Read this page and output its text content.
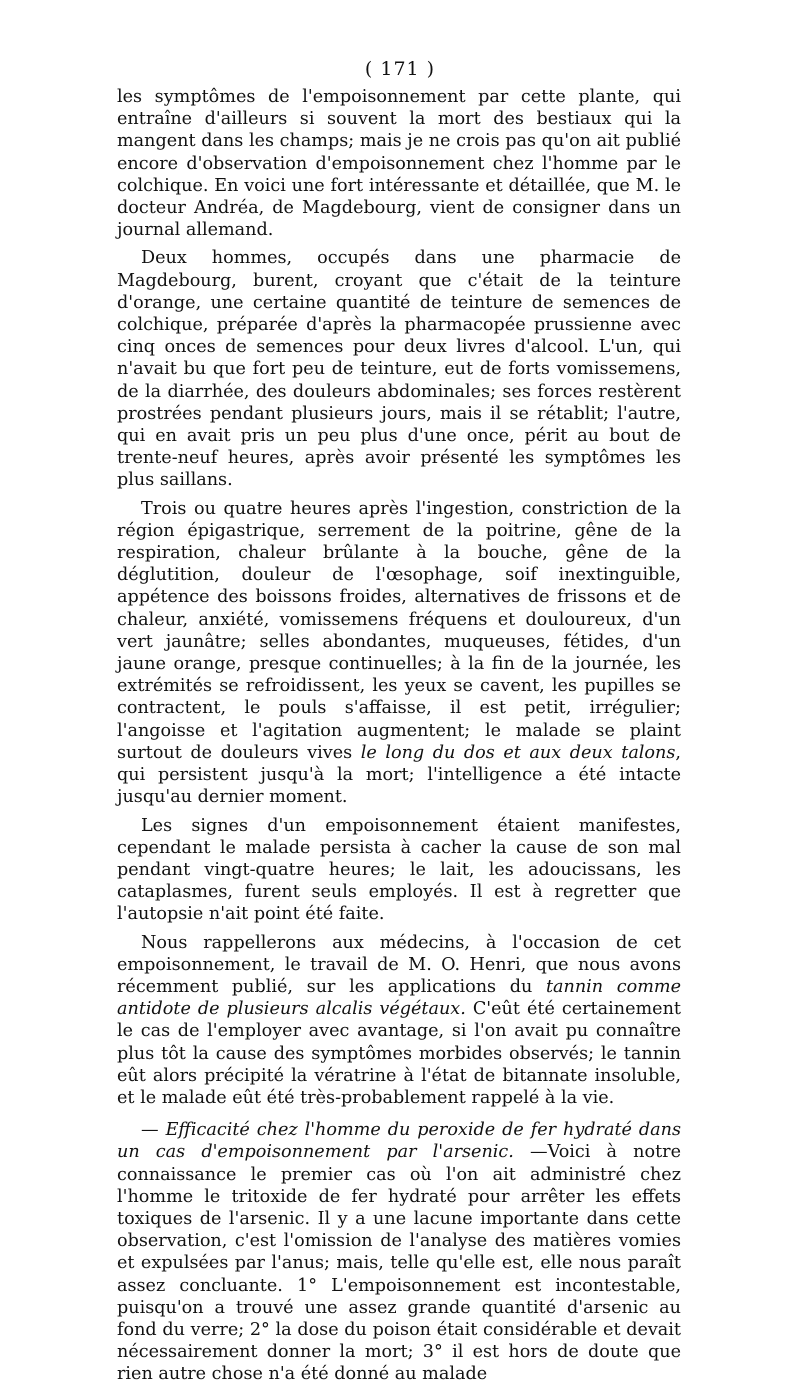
( 171 )

les symptômes de l'empoisonnement par cette plante, qui entraîne d'ailleurs si souvent la mort des bestiaux qui la mangent dans les champs; mais je ne crois pas qu'on ait publié encore d'observation d'empoisonnement chez l'homme par le colchique. En voici une fort intéressante et détaillée, que M. le docteur Andréa, de Magdebourg, vient de consigner dans un journal allemand.

Deux hommes, occupés dans une pharmacie de Magdebourg, burent, croyant que c'était de la teinture d'orange, une certaine quantité de teinture de semences de colchique, préparée d'après la pharmacopée prussienne avec cinq onces de semences pour deux livres d'alcool. L'un, qui n'avait bu que fort peu de teinture, eut de forts vomissemens, de la diarrhée, des douleurs abdominales; ses forces restèrent prostrées pendant plusieurs jours, mais il se rétablit; l'autre, qui en avait pris un peu plus d'une once, périt au bout de trente-neuf heures, après avoir présenté les symptômes les plus saillans.

Trois ou quatre heures après l'ingestion, constriction de la région épigastrique, serrement de la poitrine, gêne de la respiration, chaleur brûlante à la bouche, gêne de la déglutition, douleur de l'œsophage, soif inextinguible, appétence des boissons froides, alternatives de frissons et de chaleur, anxiété, vomissemens fréquens et douloureux, d'un vert jaunâtre; selles abondantes, muqueuses, fétides, d'un jaune orange, presque continuelles; à la fin de la journée, les extrémités se refroidissent, les yeux se cavent, les pupilles se contractent, le pouls s'affaisse, il est petit, irrégulier; l'angoisse et l'agitation augmentent; le malade se plaint surtout de douleurs vives le long du dos et aux deux talons, qui persistent jusqu'à la mort; l'intelligence a été intacte jusqu'au dernier moment.

Les signes d'un empoisonnement étaient manifestes, cependant le malade persista à cacher la cause de son mal pendant vingt-quatre heures; le lait, les adoucissans, les cataplasmes, furent seuls employés. Il est à regretter que l'autopsie n'ait point été faite.

Nous rappellerons aux médecins, à l'occasion de cet empoisonnement, le travail de M. O. Henri, que nous avons récemment publié, sur les applications du tannin comme antidote de plusieurs alcalis végétaux. C'eût été certainement le cas de l'employer avec avantage, si l'on avait pu connaître plus tôt la cause des symptômes morbides observés; le tannin eût alors précipité la vératrine à l'état de bitannate insoluble, et le malade eût été très-probablement rappelé à la vie.

— Efficacité chez l'homme du peroxide de fer hydraté dans un cas d'empoisonnement par l'arsenic. —Voici à notre connaissance le premier cas où l'on ait administré chez l'homme le tritoxide de fer hydraté pour arrêter les effets toxiques de l'arsenic. Il y a une lacune importante dans cette observation, c'est l'omission de l'analyse des matières vomies et expulsées par l'anus; mais, telle qu'elle est, elle nous paraît assez concluante. 1° L'empoisonnement est incontestable, puisqu'on a trouvé une assez grande quantité d'arsenic au fond du verre; 2° la dose du poison était considérable et devait nécessairement donner la mort; 3° il est hors de doute que rien autre chose n'a été donné au malade
